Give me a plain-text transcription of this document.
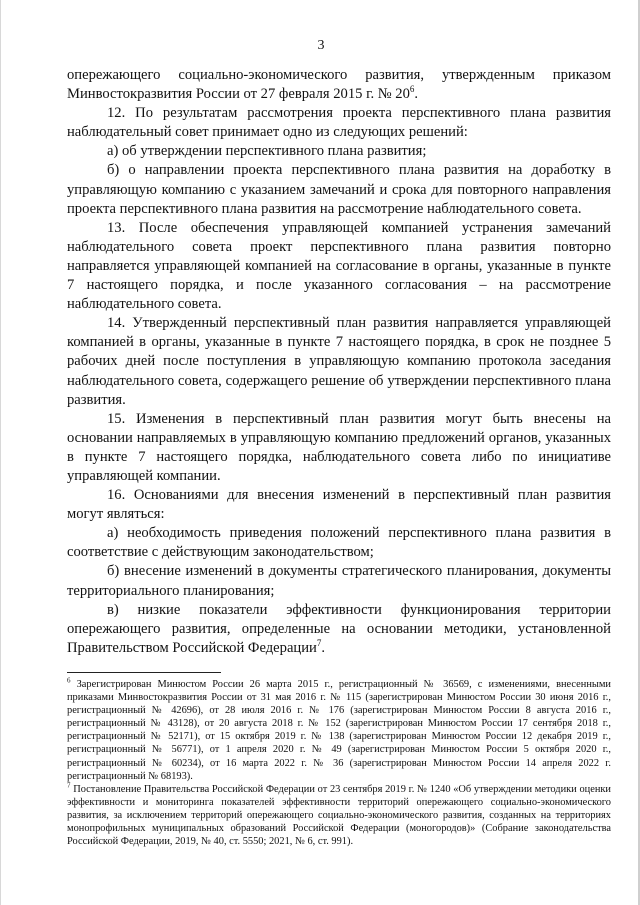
3

опережающего социально-экономического развития, утвержденным приказом Минвостокразвития России от 27 февраля 2015 г. № $20^6$.

12. По результатам рассмотрения проекта перспективного плана развития наблюдательный совет принимает одно из следующих решений:

а) об утверждении перспективного плана развития;

б) о направлении проекта перспективного плана развития на доработку в управляющую компанию с указанием замечаний и срока для повторного направления проекта перспективного плана развития на рассмотрение наблюдательного совета.

13. После обеспечения управляющей компанией устранения замечаний наблюдательного совета проект перспективного плана развития повторно направляется управляющей компанией на согласование в органы, указанные в пункте 7 настоящего порядка, и после указанного согласования – на рассмотрение наблюдательного совета.

14. Утвержденный перспективный план развития направляется управляющей компанией в органы, указанные в пункте 7 настоящего порядка, в срок не позднее 5 рабочих дней после поступления в управляющую компанию протокола заседания наблюдательного совета, содержащего решение об утверждении перспективного плана развития.

15. Изменения в перспективный план развития могут быть внесены на основании направляемых в управляющую компанию предложений органов, указанных в пункте 7 настоящего порядка, наблюдательного совета либо по инициативе управляющей компании.

16. Основаниями для внесения изменений в перспективный план развития могут являться:

а) необходимость приведения положений перспективного плана развития в соответствие с действующим законодательством;

б) внесение изменений в документы стратегического планирования, документы территориального планирования;

в) низкие показатели эффективности функционирования территории опережающего развития, определенные на основании методики, установленной Правительством Российской Федерации$^7$.

$^6$ Зарегистрирован Минюстом России 26 марта 2015 г., регистрационный № 36569, с изменениями, внесенными приказами Минвостокразвития России от 31 мая 2016 г. № 115 (зарегистрирован Минюстом России 30 июня 2016 г., регистрационный № 42696), от 28 июля 2016 г. № 176 (зарегистрирован Минюстом России 8 августа 2016 г., регистрационный № 43128), от 20 августа 2018 г. № 152 (зарегистрирован Минюстом России 17 сентября 2018 г., регистрационный № 52171), от 15 октября 2019 г. № 138 (зарегистрирован Минюстом России 12 декабря 2019 г., регистрационный № 56771), от 1 апреля 2020 г. № 49 (зарегистрирован Минюстом России 5 октября 2020 г., регистрационный № 60234), от 16 марта 2022 г. № 36 (зарегистрирован Минюстом России 14 апреля 2022 г. регистрационный № 68193).

$^7$ Постановление Правительства Российской Федерации от 23 сентября 2019 г. № 1240 «Об утверждении методики оценки эффективности и мониторинга показателей эффективности территорий опережающего социально-экономического развития, за исключением территорий опережающего социально-экономического развития, созданных на территориях монопрофильных муниципальных образований Российской Федерации (моногородов)» (Собрание законодательства Российской Федерации, 2019, № 40, ст. 5550; 2021, № 6, ст. 991).
